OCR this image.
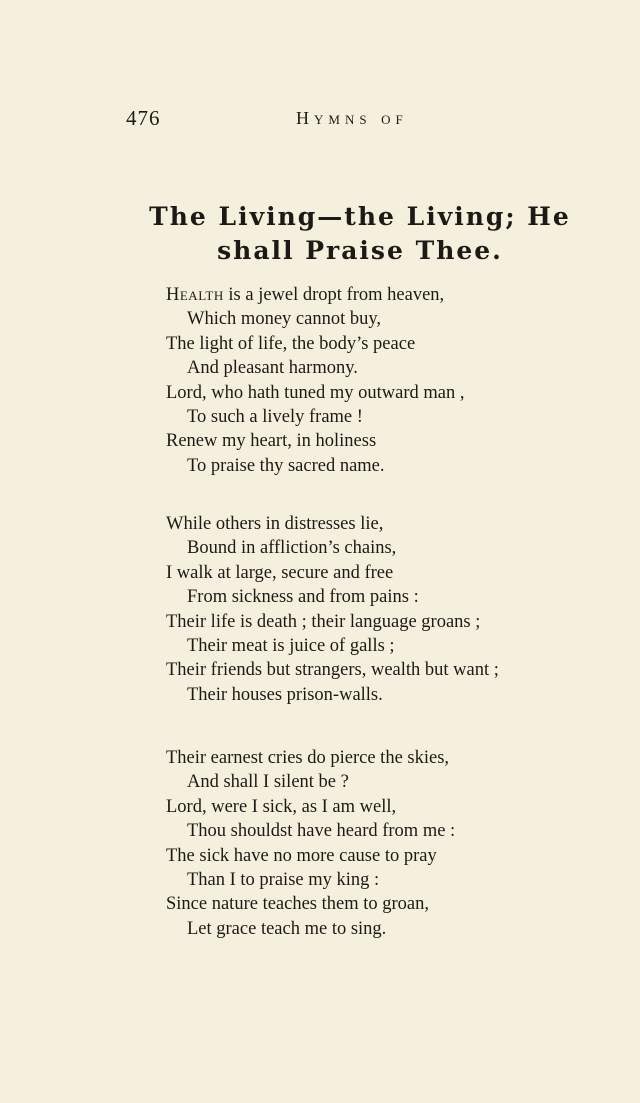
476	Hymns of
The Living—the Living; He
shall Praise Thee.
Health is a jewel dropt from heaven,
Which money cannot buy,
The light of life, the body’s peace
And pleasant harmony.
Lord, who hath tuned my outward man ,
To such a lively frame !
Renew my heart, in holiness
To praise thy sacred name.
While others in distresses lie,
Bound in affliction’s chains,
I walk at large, secure and free
From sickness and from pains :
Their life is death ; their language groans ;
Their meat is juice of galls ;
Their friends but strangers, wealth but want ;
Their houses prison-walls.
Their earnest cries do pierce the skies,
And shall I silent be ?
Lord, were I sick, as I am well,
Thou shouldst have heard from me :
The sick have no more cause to pray
Than I to praise my king :
Since nature teaches them to groan,
Let grace teach me to sing.
